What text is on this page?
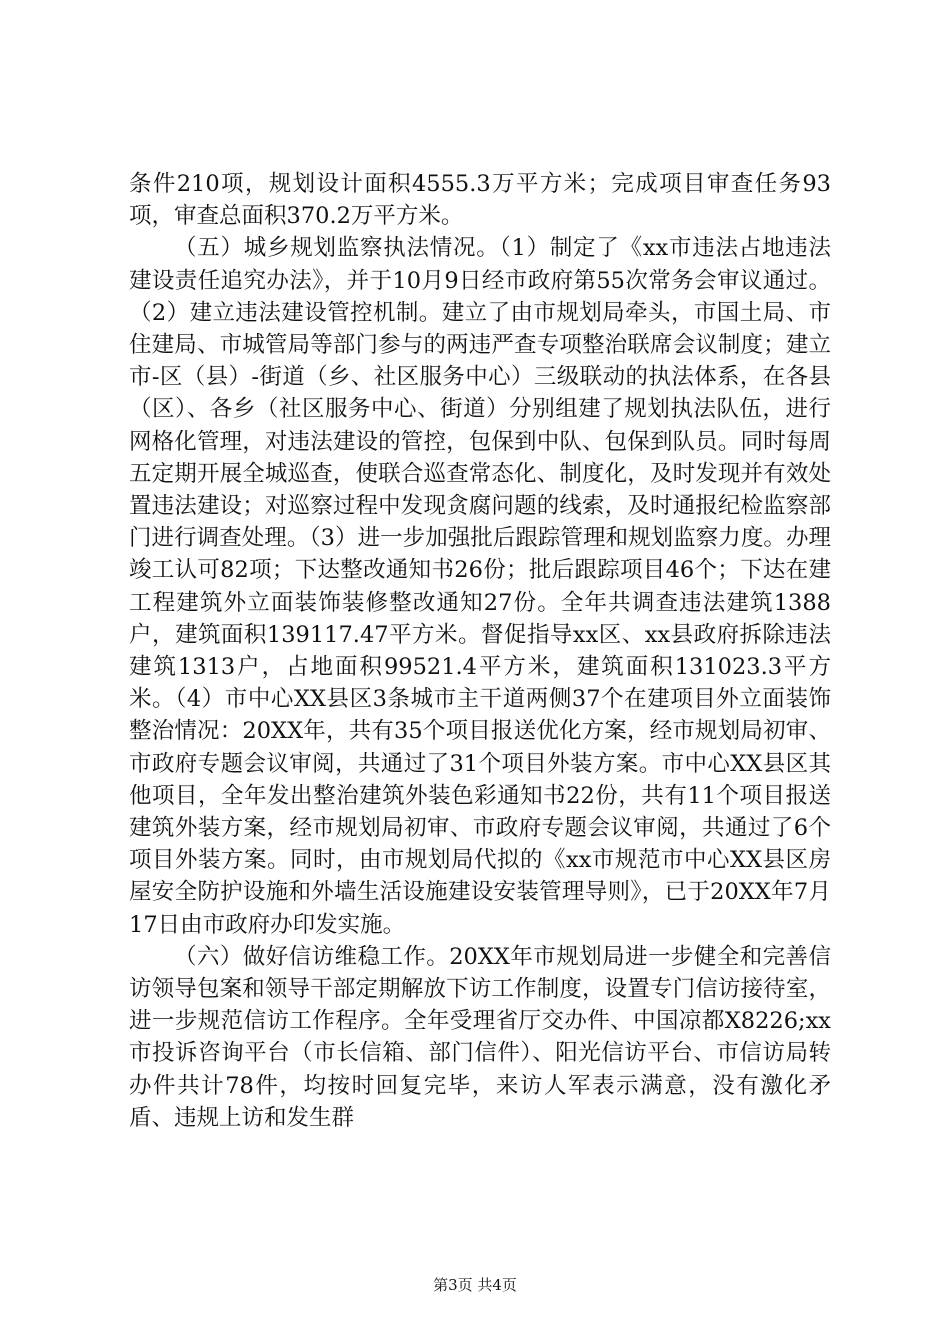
条件210项，规划设计面积4555.3万平方米；完成项目审查任务93项，审查总面积370.2万平方米。

（五）城乡规划监察执法情况。（1）制定了《xx市违法占地违法建设责任追究办法》，并于10月9日经市政府第55次常务会审议通过。（2）建立违法建设管控机制。建立了由市规划局牵头，市国土局、市住建局、市城管局等部门参与的两违严查专项整治联席会议制度；建立市-区（县）-街道（乡、社区服务中心）三级联动的执法体系，在各县（区）、各乡（社区服务中心、街道）分别组建了规划执法队伍，进行网格化管理，对违法建设的管控，包保到中队、包保到队员。同时每周五定期开展全城巡查，使联合巡查常态化、制度化，及时发现并有效处置违法建设；对巡察过程中发现贪腐问题的线索，及时通报纪检监察部门进行调查处理。（3）进一步加强批后跟踪管理和规划监察力度。办理竣工认可82项；下达整改通知书26份；批后跟踪项目46个；下达在建工程建筑外立面装饰装修整改通知27份。全年共调查违法建筑1388户，建筑面积139117.47平方米。督促指导xx区、xx县政府拆除违法建筑1313户，占地面积99521.4平方米，建筑面积131023.3平方米。（4）市中心XX县区3条城市主干道两侧37个在建项目外立面装饰整治情况：20XX年，共有35个项目报送优化方案，经市规划局初审、市政府专题会议审阅，共通过了31个项目外装方案。市中心XX县区其他项目，全年发出整治建筑外装色彩通知书22份，共有11个项目报送建筑外装方案，经市规划局初审、市政府专题会议审阅，共通过了6个项目外装方案。同时，由市规划局代拟的《xx市规范市中心XX县区房屋安全防护设施和外墙生活设施建设安装管理导则》，已于20XX年7月17日由市政府办印发实施。

（六）做好信访维稳工作。20XX年市规划局进一步健全和完善信访领导包案和领导干部定期解放下访工作制度，设置专门信访接待室，进一步规范信访工作程序。全年受理省厅交办件、中国凉都X8226;xx市投诉咨询平台（市长信箱、部门信件）、阳光信访平台、市信访局转办件共计78件，均按时回复完毕，来访人军表示满意，没有激化矛盾、违规上访和发生群

第3页 共4页
